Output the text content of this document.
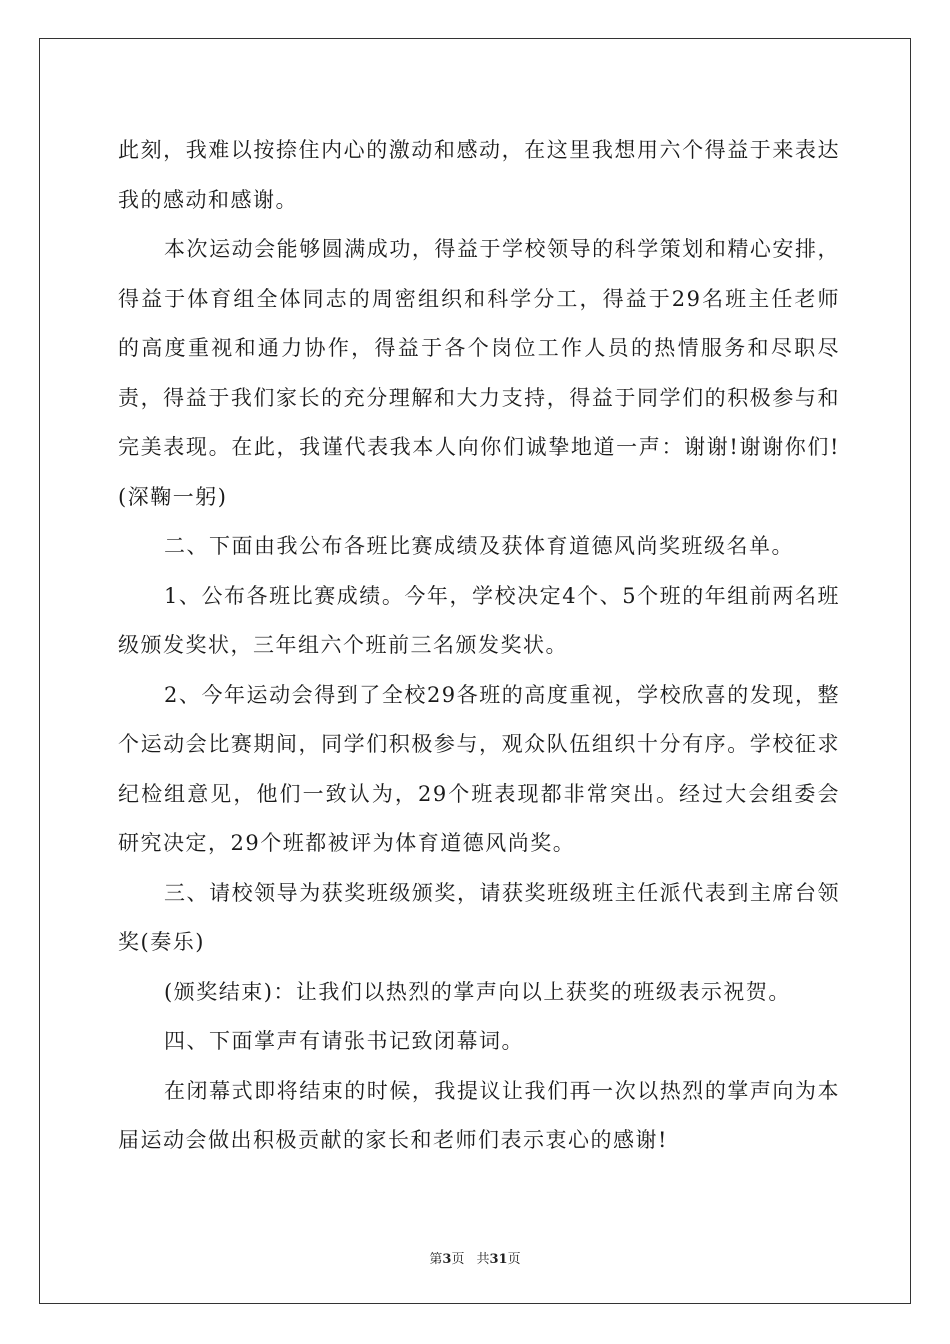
此刻，我难以按捺住内心的激动和感动，在这里我想用六个得益于来表达我的感动和感谢。

本次运动会能够圆满成功，得益于学校领导的科学策划和精心安排，得益于体育组全体同志的周密组织和科学分工，得益于29名班主任老师的高度重视和通力协作，得益于各个岗位工作人员的热情服务和尽职尽责，得益于我们家长的充分理解和大力支持，得益于同学们的积极参与和完美表现。在此，我谨代表我本人向你们诚挚地道一声：谢谢!谢谢你们!(深鞠一躬)

二、下面由我公布各班比赛成绩及获体育道德风尚奖班级名单。

1、公布各班比赛成绩。今年，学校决定4个、5个班的年组前两名班级颁发奖状，三年组六个班前三名颁发奖状。

2、今年运动会得到了全校29各班的高度重视，学校欣喜的发现，整个运动会比赛期间，同学们积极参与，观众队伍组织十分有序。学校征求纪检组意见，他们一致认为，29个班表现都非常突出。经过大会组委会研究决定，29个班都被评为体育道德风尚奖。

三、请校领导为获奖班级颁奖，请获奖班级班主任派代表到主席台领奖(奏乐)

(颁奖结束)：让我们以热烈的掌声向以上获奖的班级表示祝贺。

四、下面掌声有请张书记致闭幕词。

在闭幕式即将结束的时候，我提议让我们再一次以热烈的掌声向为本届运动会做出积极贡献的家长和老师们表示衷心的感谢!

第3页 共31页
